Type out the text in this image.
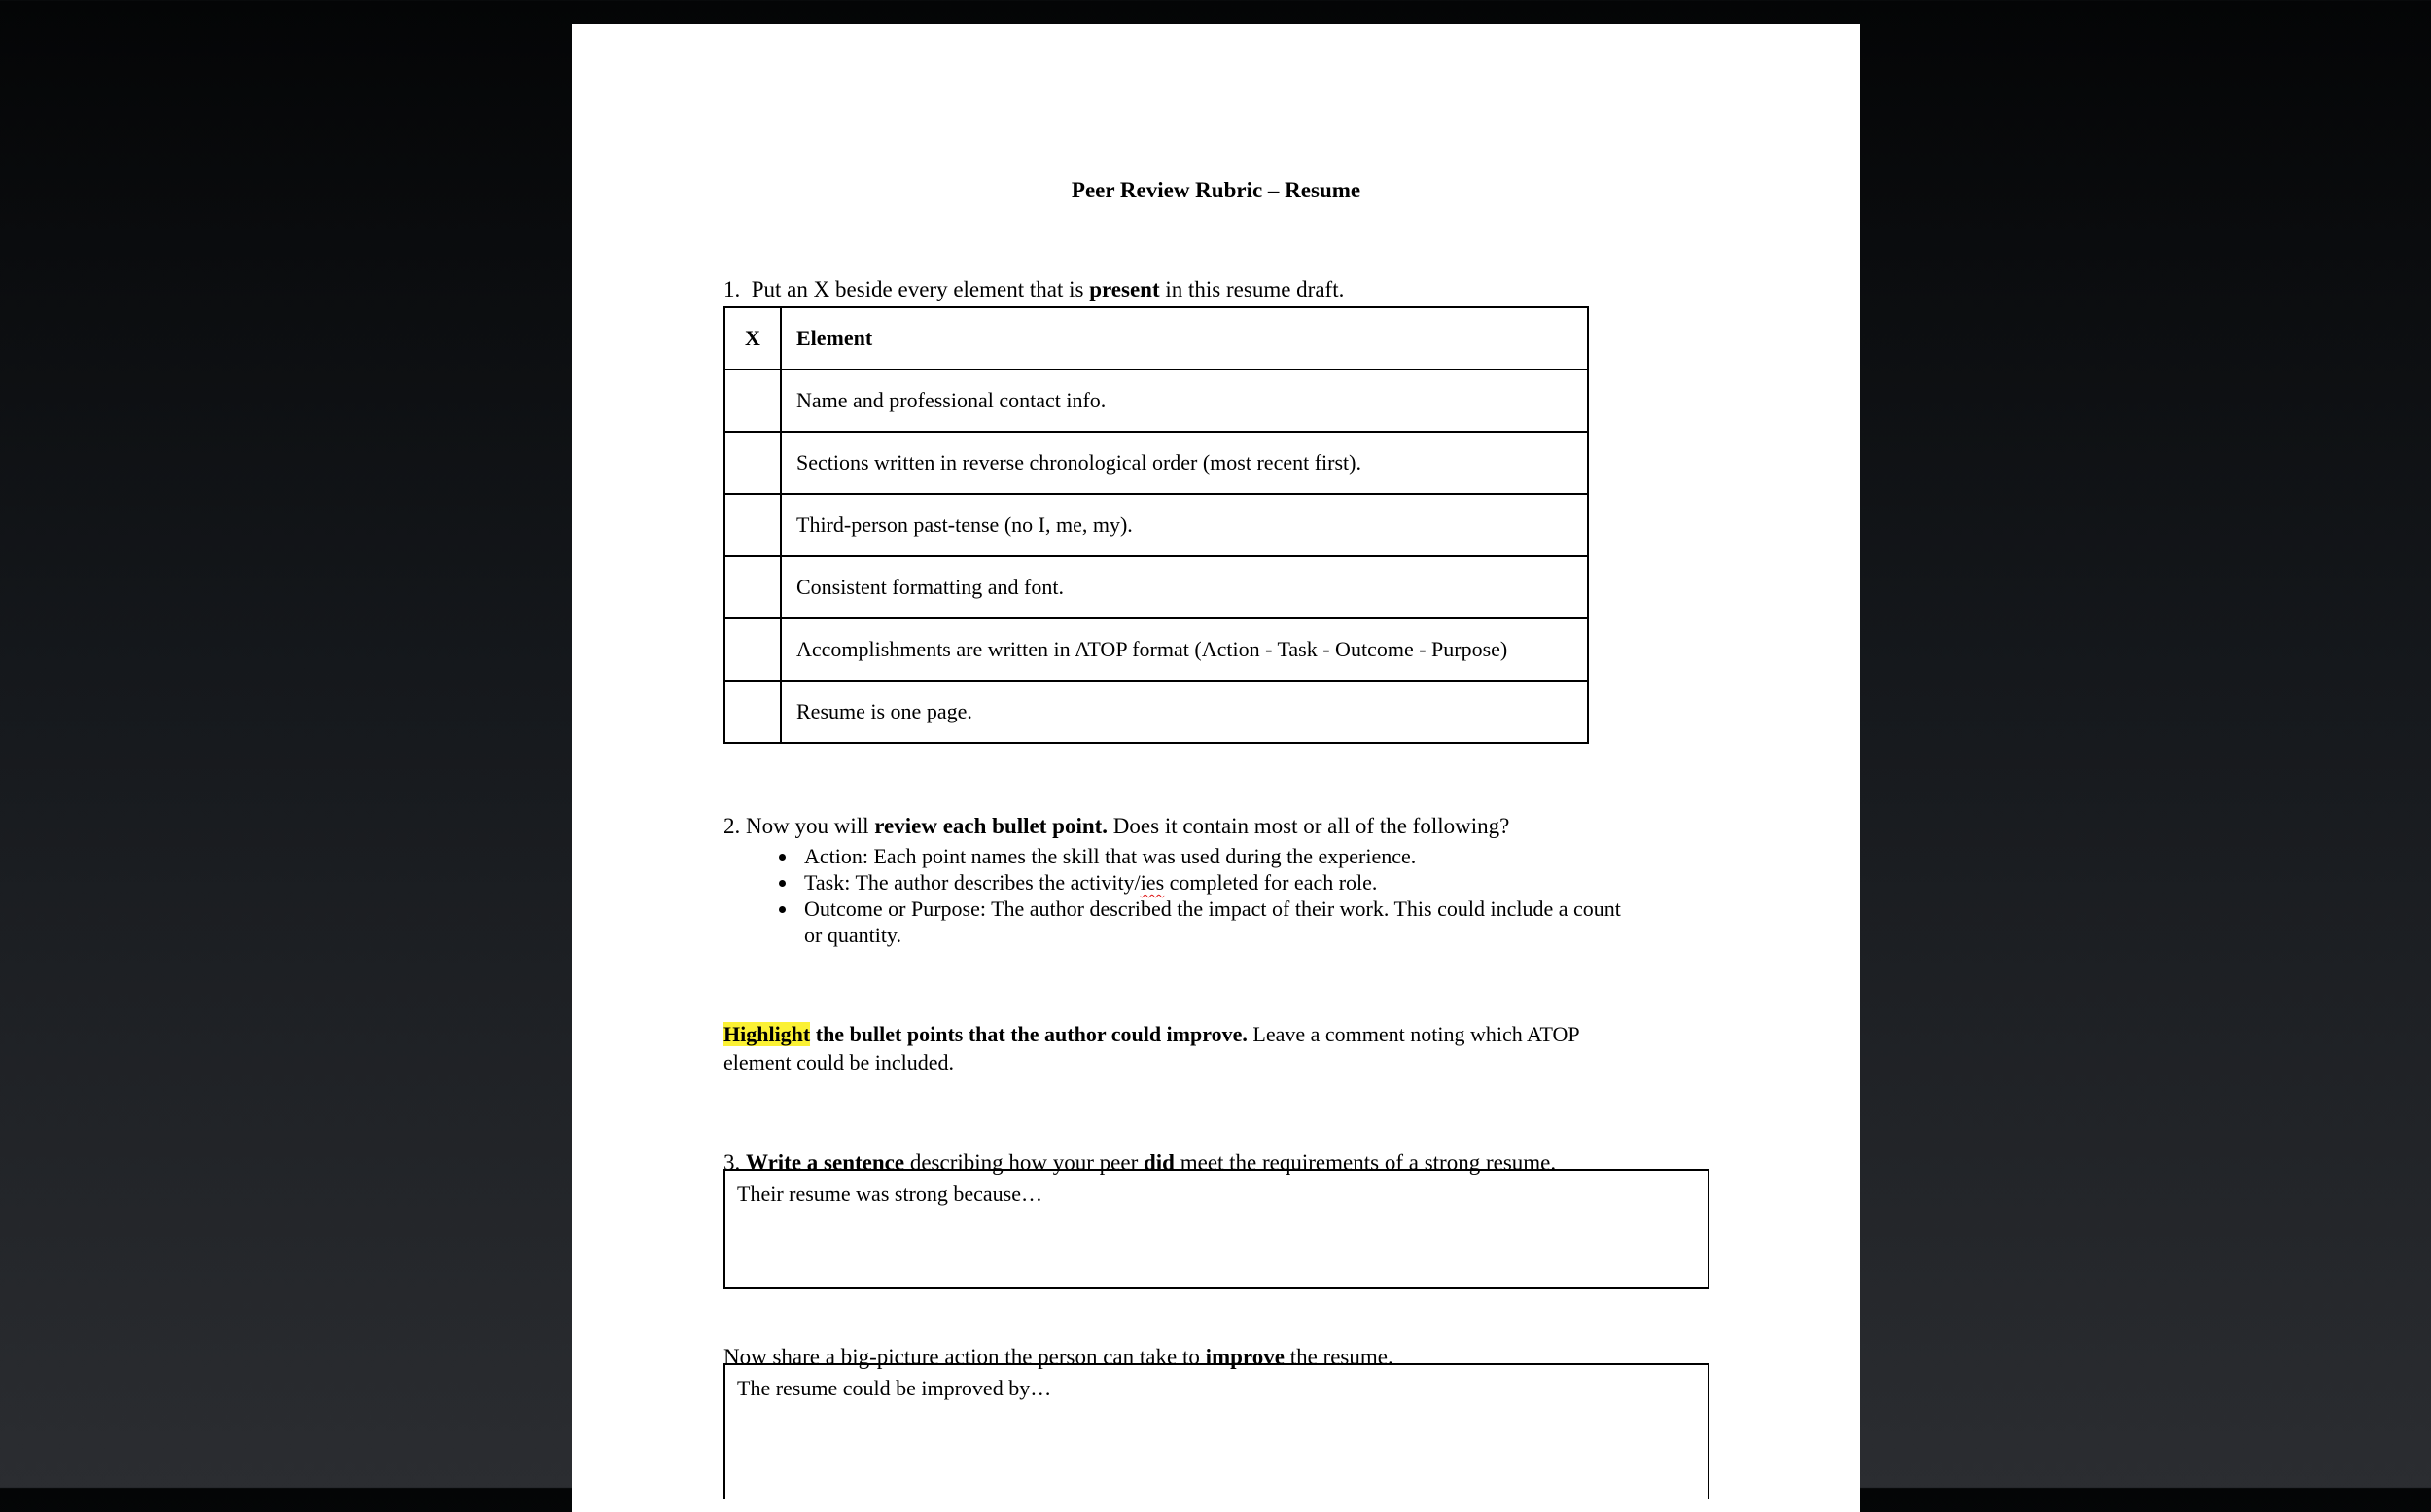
Peer Review Rubric – Resume

1. Put an X beside every element that is present in this resume draft.
X	Element
	Name and professional contact info.
	Sections written in reverse chronological order (most recent first).
	Third-person past-tense (no I, me, my).
	Consistent formatting and font.
	Accomplishments are written in ATOP format (Action - Task - Outcome - Purpose)
	Resume is one page.
2. Now you will review each bullet point. Does it contain most or all of the following?
• Action: Each point names the skill that was used during the experience.
• Task: The author describes the activity/ies completed for each role.
• Outcome or Purpose: The author described the impact of their work. This could include a count
or quantity.
Highlight the bullet points that the author could improve. Leave a comment noting which ATOP
element could be included.
3. Write a sentence describing how your peer did meet the requirements of a strong resume.
Their resume was strong because…
Now share a big-picture action the person can take to improve the resume.
The resume could be improved by…
